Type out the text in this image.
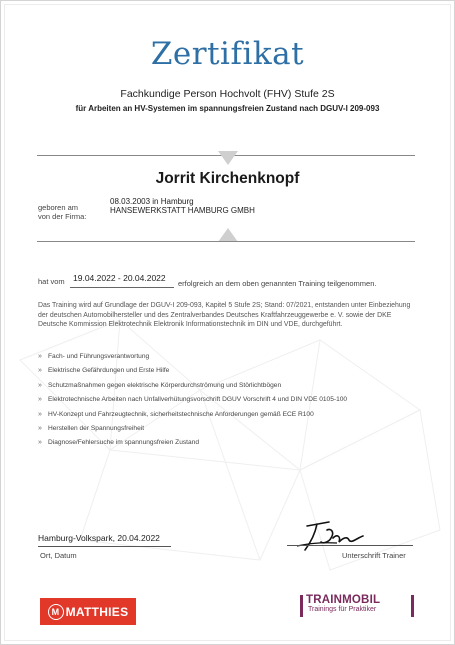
Zertifikat
Fachkundige Person Hochvolt (FHV) Stufe 2S
für Arbeiten an HV-Systemen im spannungsfreien Zustand nach DGUV-I 209-093
Jorrit Kirchenknopf
geboren am
von der Firma:
08.03.2003 in Hamburg
HANSEWERKSTATT HAMBURG GMBH
hat vom 19.04.2022 - 20.04.2022
erfolgreich an dem oben genannten Training teilgenommen.
Das Training wird auf Grundlage der DGUV-I 209-093, Kapitel 5 Stufe 2S; Stand: 07/2021, entstanden unter Einbeziehung der deutschen Automobilhersteller und des Zentralverbandes Deutsches Kraftfahrzeuggewerbe e. V. sowie der DKE Deutsche Kommission Elektrotechnik Elektronik Informationstechnik im DIN und VDE, durchgeführt.
» Fach- und Führungsverantwortung
» Elektrische Gefährdungen und Erste Hilfe
» Schutzmaßnahmen gegen elektrische Körperdurchströmung und Störlichtbögen
» Elektrotechnische Arbeiten nach Unfallverhütungsvorschrift DGUV Vorschrift 4 und DIN VDE 0105-100
» HV-Konzept und Fahrzeugtechnik, sicherheitstechnische Anforderungen gemäß ECE R100
» Herstellen der Spannungsfreiheit
» Diagnose/Fehlersuche im spannungsfreien Zustand
Hamburg-Volkspark, 20.04.2022
Ort, Datum	Unterschrift Trainer
M MATTHIES
TRAINMOBIL
Trainings für Praktiker
